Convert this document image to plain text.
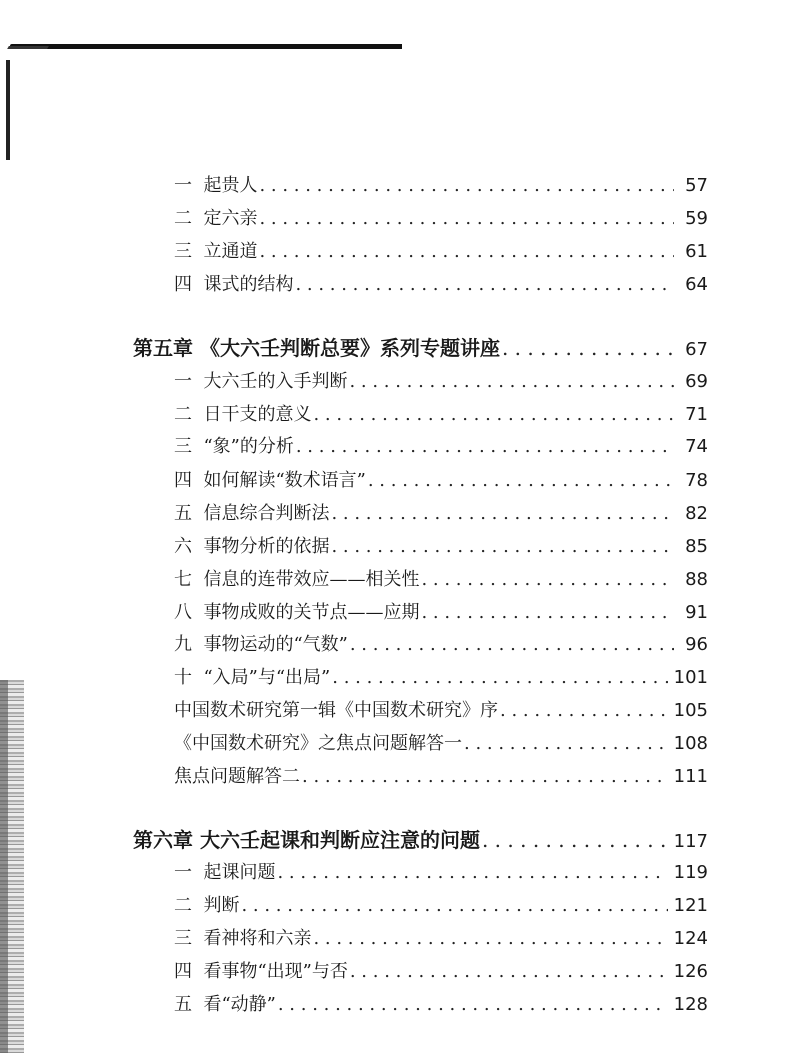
一 起贵人 . . .	57
二 定六亲 . . .	59
三 立通道 . . .	61
四 课式的结构 . . .	64
第五章 《大六壬判断总要》系列专题讲座 . . .	67
一 大六壬的入手判断 . . .	69
二 日干支的意义 . . .	71
三 “象”的分析 . . .	74
四 如何解读“数术语言” . . .	78
五 信息综合判断法 . . .	82
六 事物分析的依据 . . .	85
七 信息的连带效应——相关性 . . .	88
八 事物成败的关节点——应期 . . .	91
九 事物运动的“气数” . . .	96
十 “入局”与“出局” . . .	101
中国数术研究第一辑《中国数术研究》序 . . .	105
《中国数术研究》之焦点问题解答一 . . .	108
焦点问题解答二 . . .	111
第六章 大六壬起课和判断应注意的问题 . . .	117
一 起课问题 . . .	119
二 判断 . . .	121
三 看神将和六亲 . . .	124
四 看事物“出现”与否 . . .	126
五 看“动静” . . .	128
